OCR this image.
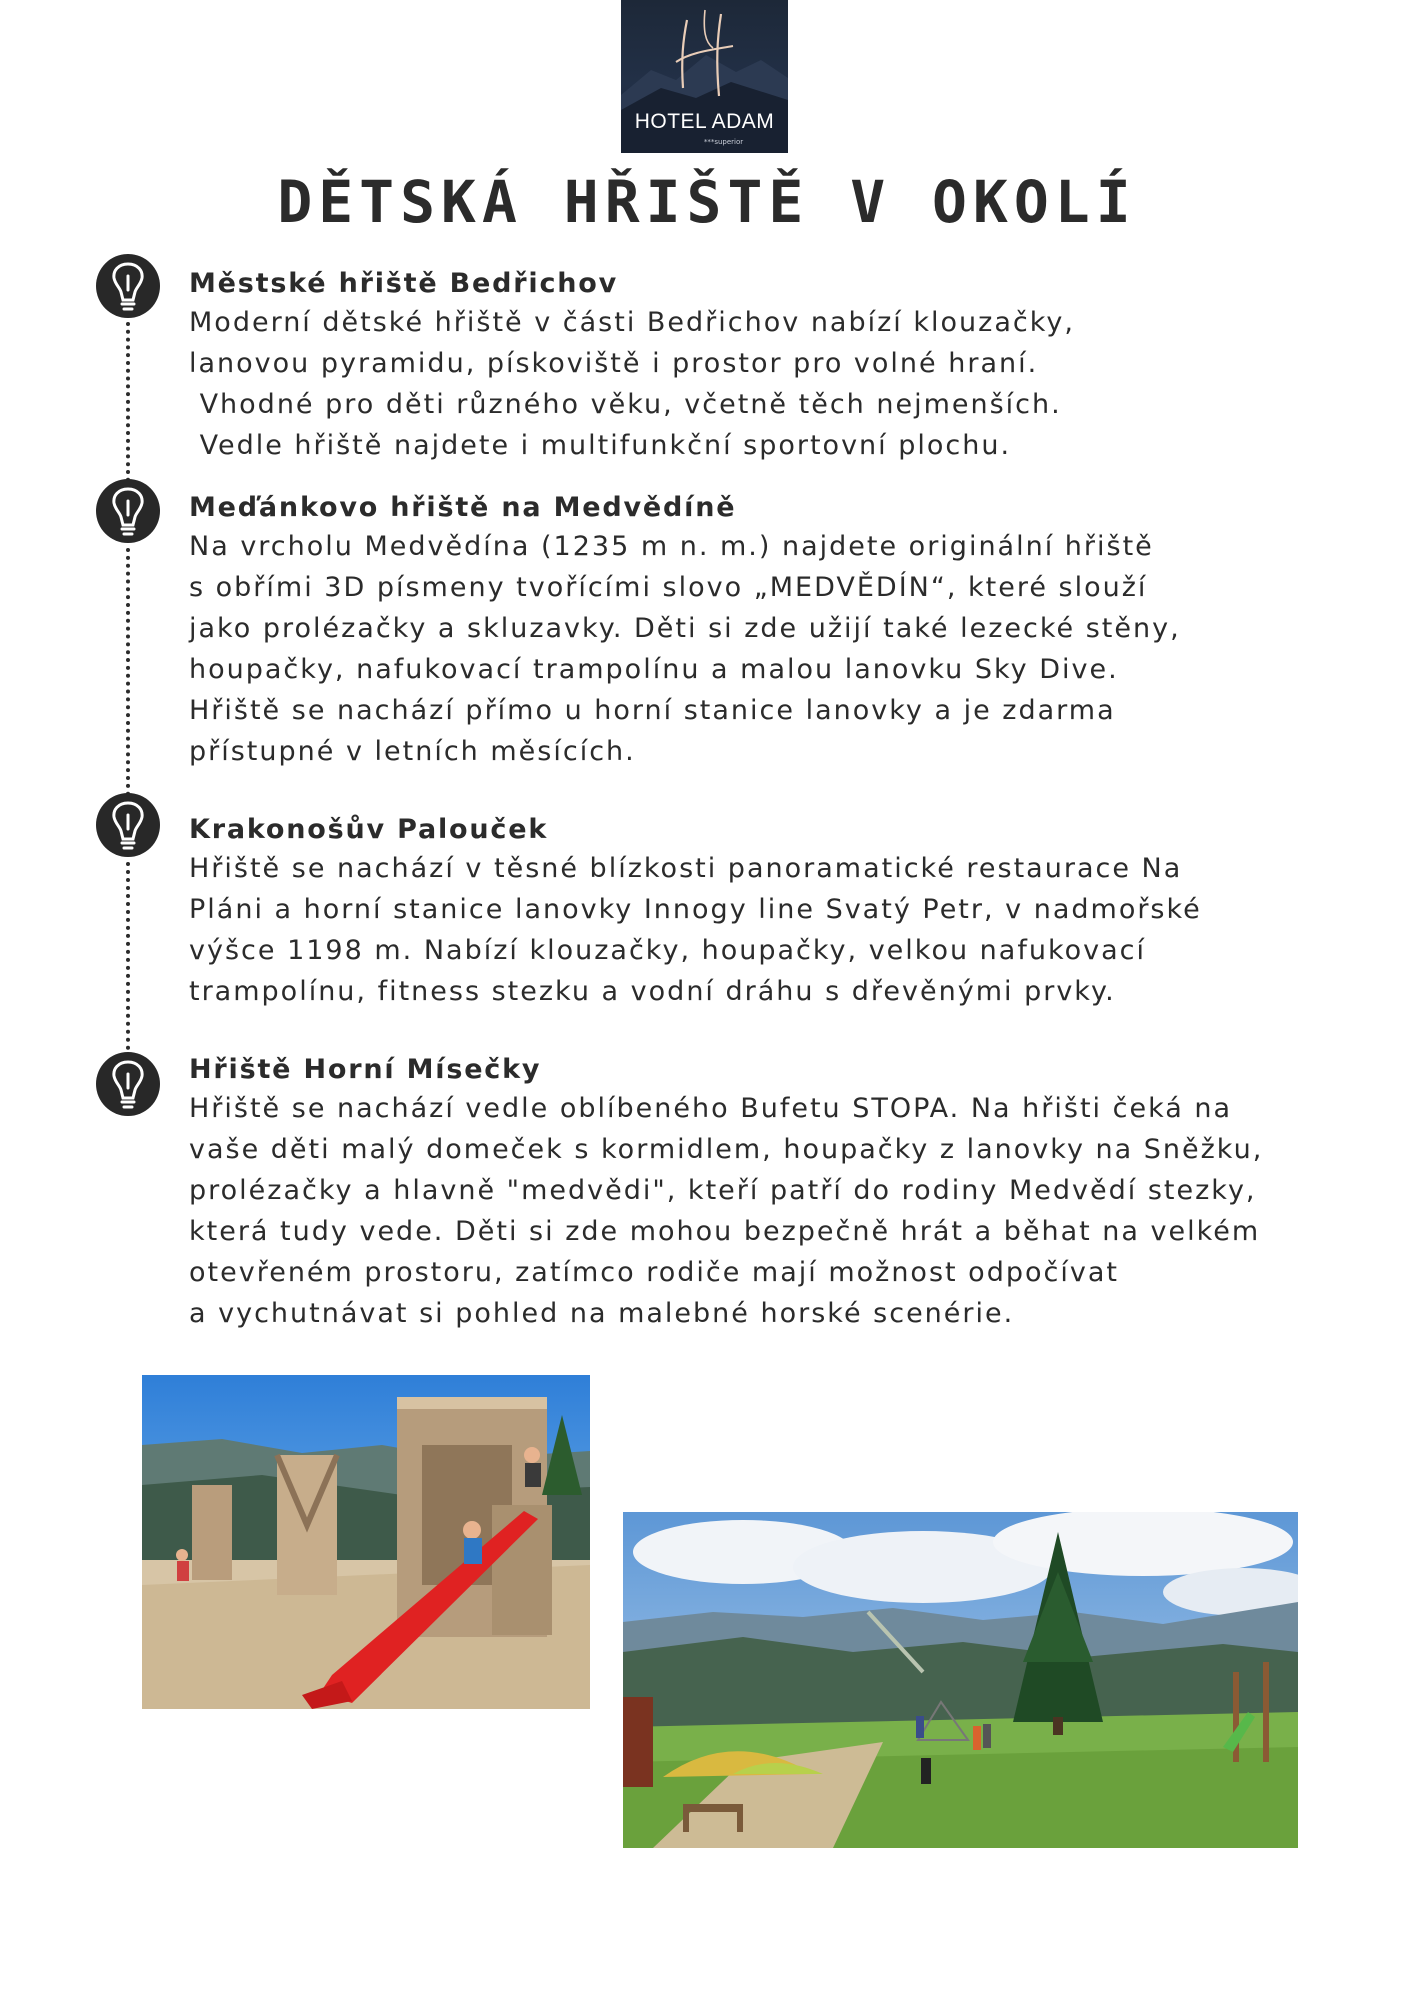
HOTEL ADAM
***superior
DĚTSKÁ HŘIŠTĚ V OKOLÍ
Městské hřiště Bedřichov
Moderní dětské hřiště v části Bedřichov nabízí klouzačky,
lanovou pyramidu, pískoviště i prostor pro volné hraní.
Vhodné pro děti různého věku, včetně těch nejmenších.
Vedle hřiště najdete i multifunkční sportovní plochu.
Meďánkovo hřiště na Medvědíně
Na vrcholu Medvědína (1235 m n. m.) najdete originální hřiště
s obřími 3D písmeny tvořícími slovo „MEDVĚDÍN“, které slouží
jako prolézačky a skluzavky. Děti si zde užijí také lezecké stěny,
houpačky, nafukovací trampolínu a malou lanovku Sky Dive.
Hřiště se nachází přímo u horní stanice lanovky a je zdarma
přístupné v letních měsících.
Krakonošův Palouček
Hřiště se nachází v těsné blízkosti panoramatické restaurace Na
Pláni a horní stanice lanovky Innogy line Svatý Petr, v nadmořské
výšce 1198 m. Nabízí klouzačky, houpačky, velkou nafukovací
trampolínu, fitness stezku a vodní dráhu s dřevěnými prvky.
Hřiště Horní Mísečky
Hřiště se nachází vedle oblíbeného Bufetu STOPA. Na hřišti čeká na
vaše děti malý domeček s kormidlem, houpačky z lanovky na Sněžku,
prolézačky a hlavně "medvědi", kteří patří do rodiny Medvědí stezky,
která tudy vede. Děti si zde mohou bezpečně hrát a běhat na velkém
otevřeném prostoru, zatímco rodiče mají možnost odpočívat
a vychutnávat si pohled na malebné horské scenérie.
